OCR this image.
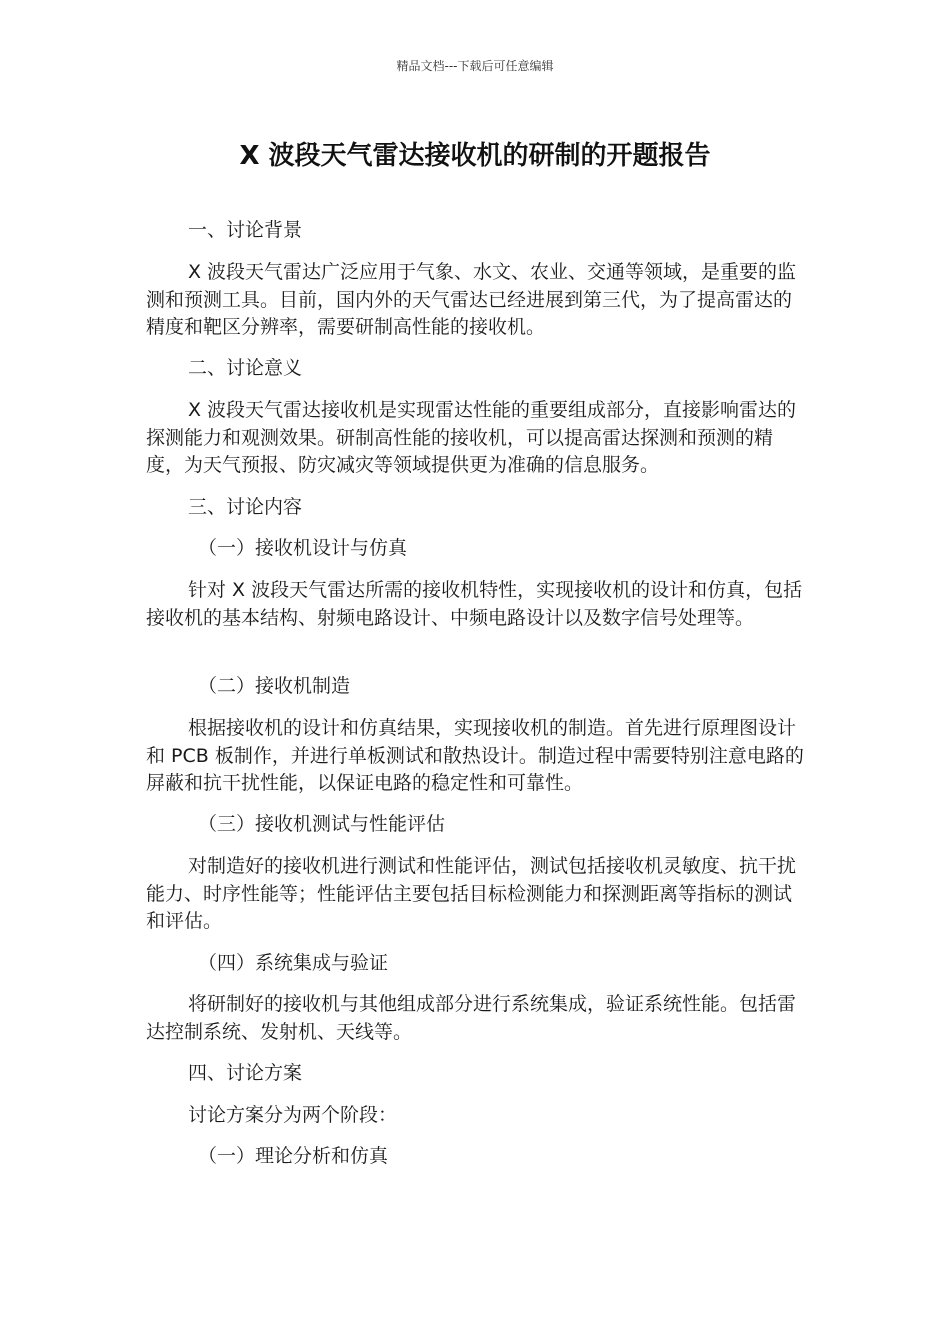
精品文档---下载后可任意编辑
X 波段天气雷达接收机的研制的开题报告

一、讨论背景

X 波段天气雷达广泛应用于气象、水文、农业、交通等领域，是重要的监测和预测工具。目前，国内外的天气雷达已经进展到第三代，为了提高雷达的精度和靶区分辨率，需要研制高性能的接收机。

二、讨论意义

X 波段天气雷达接收机是实现雷达性能的重要组成部分，直接影响雷达的探测能力和观测效果。研制高性能的接收机，可以提高雷达探测和预测的精度，为天气预报、防灾减灾等领域提供更为准确的信息服务。

三、讨论内容

（一）接收机设计与仿真

针对 X 波段天气雷达所需的接收机特性，实现接收机的设计和仿真，包括接收机的基本结构、射频电路设计、中频电路设计以及数字信号处理等。

（二）接收机制造

根据接收机的设计和仿真结果，实现接收机的制造。首先进行原理图设计和 PCB 板制作，并进行单板测试和散热设计。制造过程中需要特别注意电路的屏蔽和抗干扰性能，以保证电路的稳定性和可靠性。

（三）接收机测试与性能评估

对制造好的接收机进行测试和性能评估，测试包括接收机灵敏度、抗干扰能力、时序性能等；性能评估主要包括目标检测能力和探测距离等指标的测试和评估。

（四）系统集成与验证

将研制好的接收机与其他组成部分进行系统集成，验证系统性能。包括雷达控制系统、发射机、天线等。

四、讨论方案

讨论方案分为两个阶段：

（一）理论分析和仿真
